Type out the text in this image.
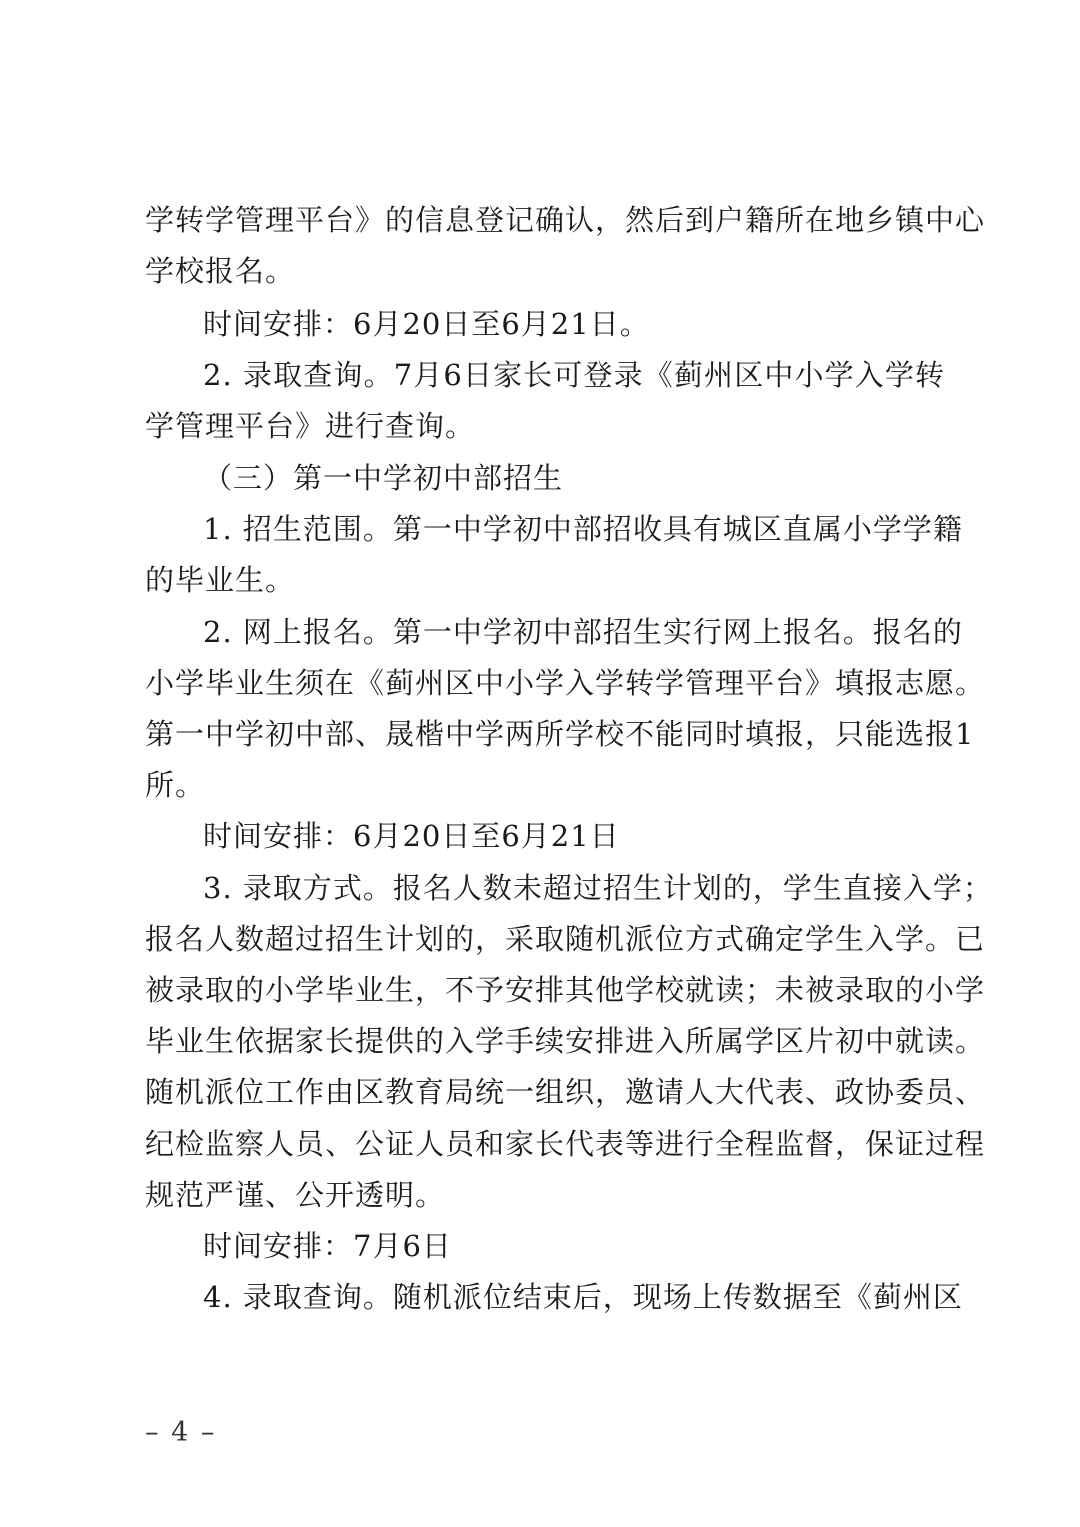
学转学管理平台》的信息登记确认，然后到户籍所在地乡镇中心
学校报名。
时间安排：6月20日至6月21日。
2. 录取查询。7月6日家长可登录《蓟州区中小学入学转
学管理平台》进行查询。
（三）第一中学初中部招生
1. 招生范围。第一中学初中部招收具有城区直属小学学籍
的毕业生。
2. 网上报名。第一中学初中部招生实行网上报名。报名的
小学毕业生须在《蓟州区中小学入学转学管理平台》填报志愿。
第一中学初中部、晟楷中学两所学校不能同时填报，只能选报1
所。
时间安排：6月20日至6月21日
3. 录取方式。报名人数未超过招生计划的，学生直接入学；
报名人数超过招生计划的，采取随机派位方式确定学生入学。已
被录取的小学毕业生，不予安排其他学校就读；未被录取的小学
毕业生依据家长提供的入学手续安排进入所属学区片初中就读。
随机派位工作由区教育局统一组织，邀请人大代表、政协委员、
纪检监察人员、公证人员和家长代表等进行全程监督，保证过程
规范严谨、公开透明。
时间安排：7月6日
4. 录取查询。随机派位结束后，现场上传数据至《蓟州区
– 4 –
